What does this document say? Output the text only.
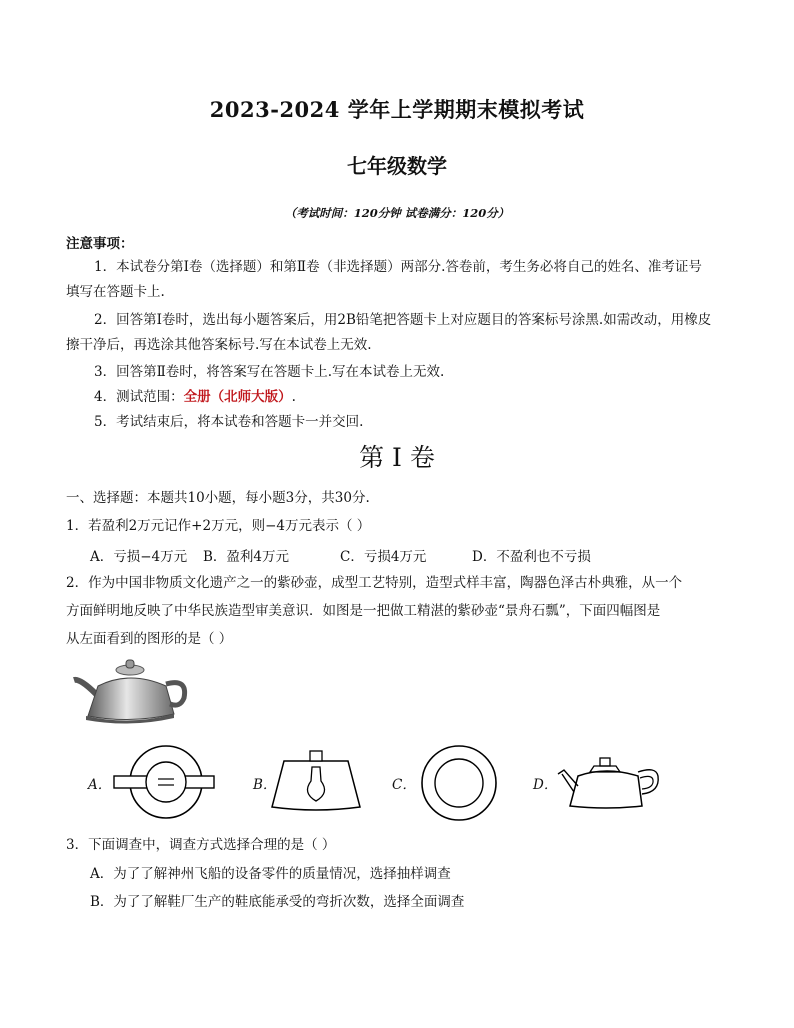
2023-2024 学年上学期期末模拟考试
七年级数学
（考试时间：120分钟 试卷满分：120分）
注意事项：
1．本试卷分第Ⅰ卷（选择题）和第Ⅱ卷（非选择题）两部分.答卷前，考生务必将自己的姓名、准考证号
填写在答题卡上.
2．回答第Ⅰ卷时，选出每小题答案后，用2B铅笔把答题卡上对应题目的答案标号涂黑.如需改动，用橡皮
擦干净后，再选涂其他答案标号.写在本试卷上无效.
3．回答第Ⅱ卷时，将答案写在答题卡上.写在本试卷上无效.
4．测试范围：全册（北师大版）.
5．考试结束后，将本试卷和答题卡一并交回.
第 I 卷
一、选择题：本题共10小题，每小题3分，共30分.
1．若盈利2万元记作+2万元，则−4万元表示（ ）
A．亏损−4万元 B．盈利4万元	C．亏损4万元	D．不盈利也不亏损
2．作为中国非物质文化遗产之一的紫砂壶，成型工艺特别，造型式样丰富，陶器色泽古朴典雅，从一个
方面鲜明地反映了中华民族造型审美意识．如图是一把做工精湛的紫砂壶“景舟石瓢”，下面四幅图是
从左面看到的图形的是（ ）
A．	B．	C．	D．
3．下面调查中，调查方式选择合理的是（ ）
A．为了了解神州飞船的设备零件的质量情况，选择抽样调查
B．为了了解鞋厂生产的鞋底能承受的弯折次数，选择全面调查
